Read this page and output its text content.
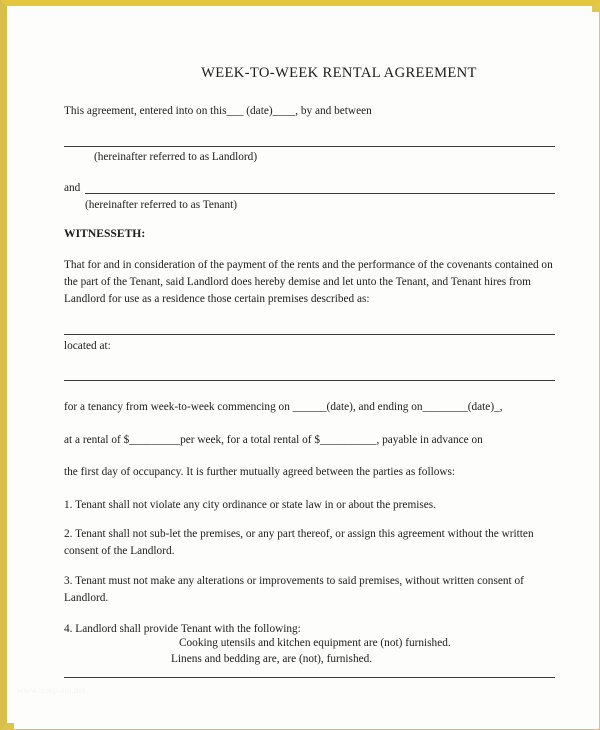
WEEK-TO-WEEK RENTAL AGREEMENT
This agreement, entered into on this___ (date)____, by and between
(hereinafter referred to as Landlord)
and
(hereinafter referred to as Tenant)
WITNESSETH:
That for and in consideration of the payment of the rents and the performance of the covenants contained on the part of the Tenant, said Landlord does hereby demise and let unto the Tenant, and Tenant hires from Landlord for use as a residence those certain premises described as:
located at:
for a tenancy from week-to-week commencing on ______(date), and ending on________(date)_,
at a rental of $_________per week, for a total rental of $__________, payable in advance on
the first day of occupancy. It is further mutually agreed between the parties as follows:
1. Tenant shall not violate any city ordinance or state law in or about the premises.
2. Tenant shall not sub-let the premises, or any part thereof, or assign this agreement without the written consent of the Landlord.
3. Tenant must not make any alterations or improvements to said premises, without written consent of Landlord.
4. Landlord shall provide Tenant with the following:
Cooking utensils and kitchen equipment are (not) furnished.
Linens and bedding are, are (not), furnished.
www.template.net
